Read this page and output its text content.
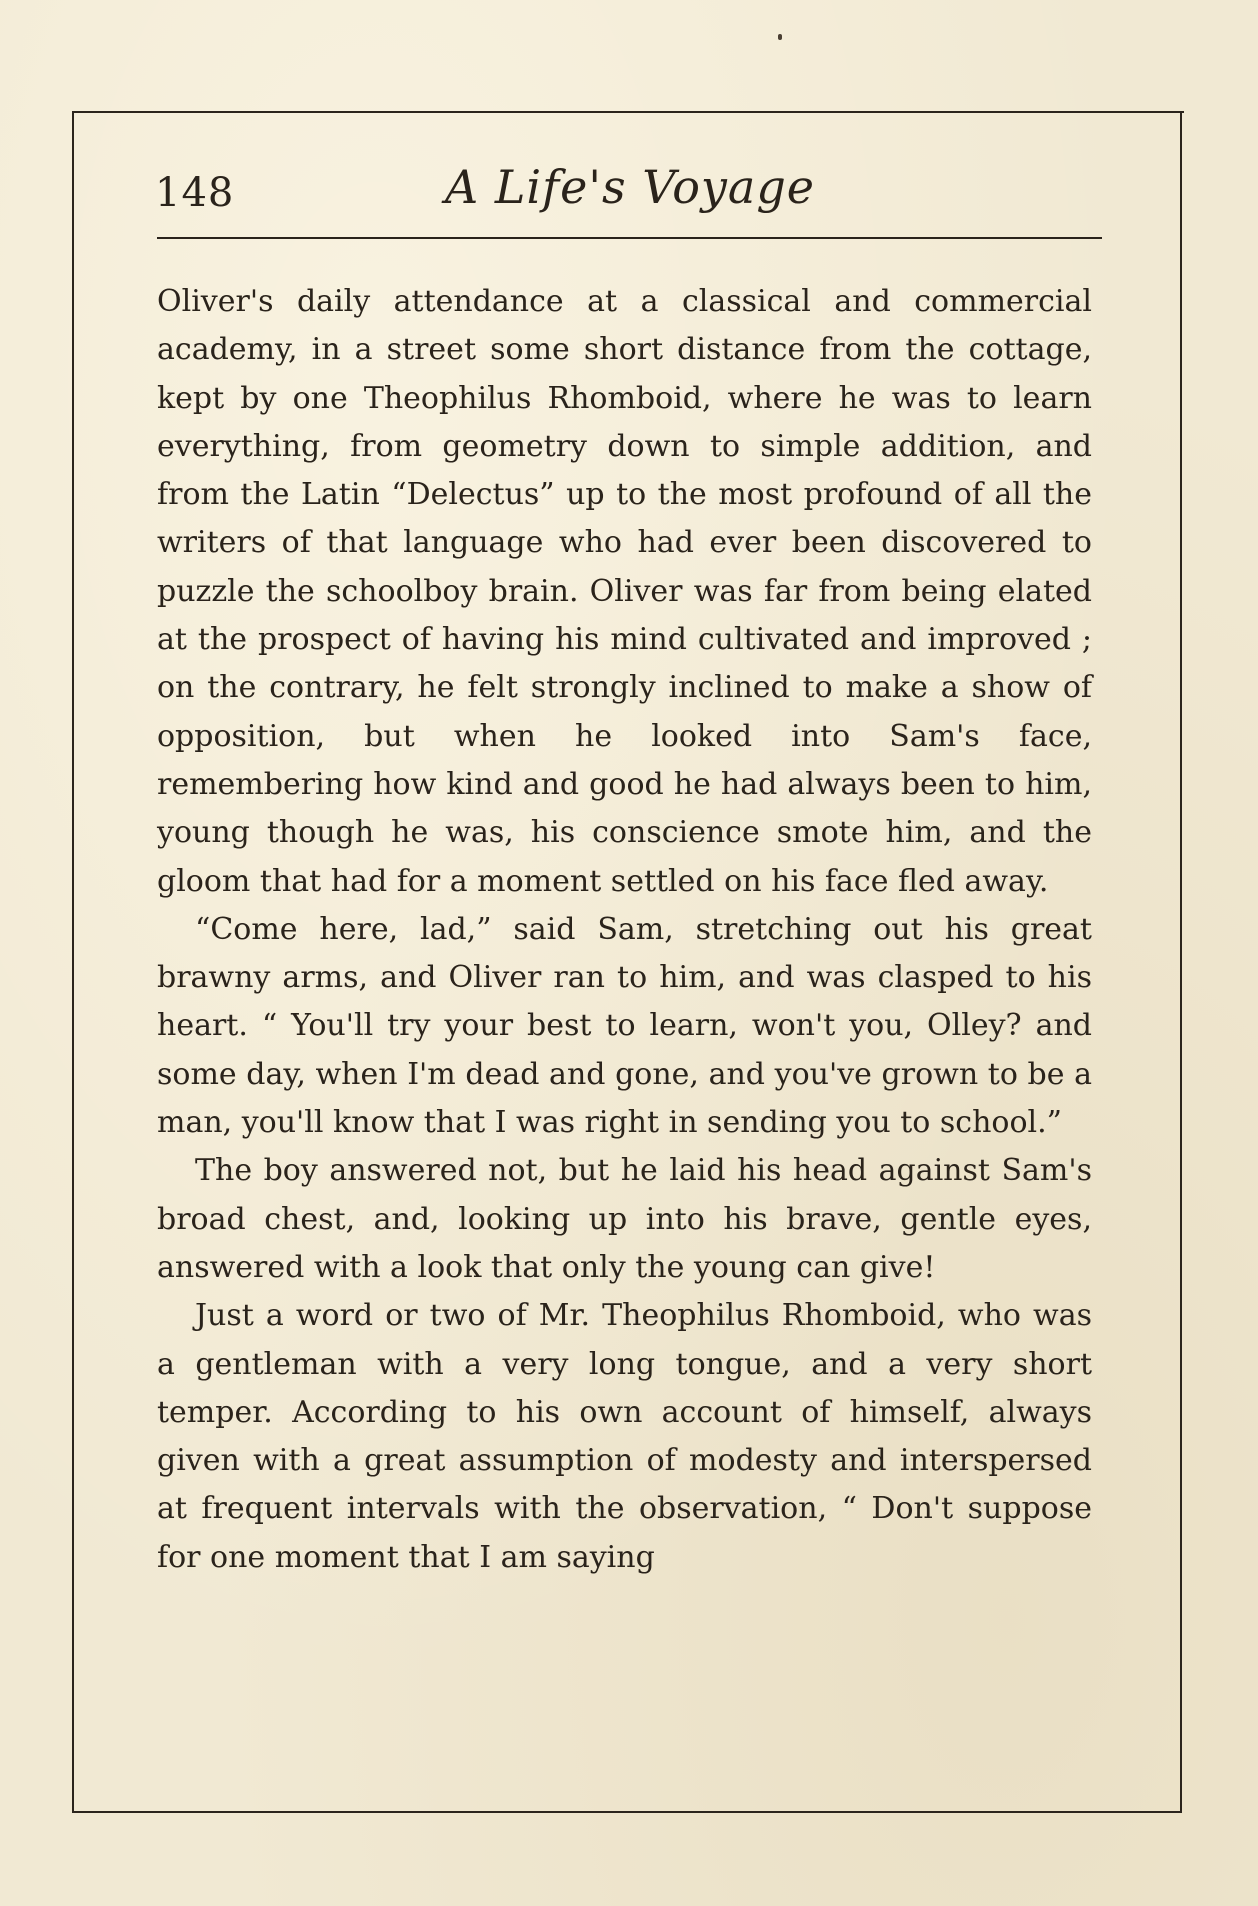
148	A Life's Voyage

Oliver's daily attendance at a classical and commercial academy, in a street some short distance from the cottage, kept by one Theophilus Rhomboid, where he was to learn everything, from geometry down to simple addition, and from the Latin “Delectus” up to the most profound of all the writers of that language who had ever been discovered to puzzle the schoolboy brain. Oliver was far from being elated at the prospect of having his mind cultivated and improved ; on the contrary, he felt strongly inclined to make a show of opposition, but when he looked into Sam's face, remembering how kind and good he had always been to him, young though he was, his conscience smote him, and the gloom that had for a moment settled on his face fled away.

“Come here, lad,” said Sam, stretching out his great brawny arms, and Oliver ran to him, and was clasped to his heart. “ You'll try your best to learn, won't you, Olley? and some day, when I'm dead and gone, and you've grown to be a man, you'll know that I was right in sending you to school.”

The boy answered not, but he laid his head against Sam's broad chest, and, looking up into his brave, gentle eyes, answered with a look that only the young can give!

Just a word or two of Mr. Theophilus Rhomboid, who was a gentleman with a very long tongue, and a very short temper. According to his own account of himself, always given with a great assumption of modesty and interspersed at frequent intervals with the observation, “ Don't suppose for one moment that I am saying
